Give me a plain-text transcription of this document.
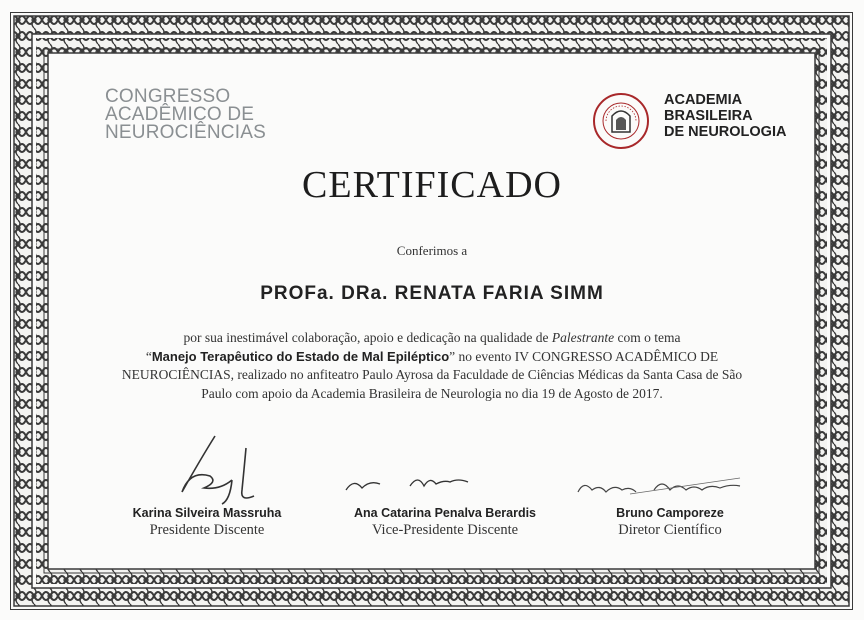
CONGRESSO
ACADÊMICO DE
NEUROCIÊNCIAS
ACADEMIA
BRASILEIRA
DE NEUROLOGIA
CERTIFICADO
Conferimos a
PROFa. DRa. RENATA FARIA SIMM
por sua inestimável colaboração, apoio e dedicação na qualidade de Palestrante com o tema
“Manejo Terapêutico do Estado de Mal Epiléptico” no evento IV CONGRESSO ACADÊMICO DE NEUROCIÊNCIAS, realizado no anfiteatro Paulo Ayrosa da Faculdade de Ciências Médicas da Santa Casa de São Paulo com apoio da Academia Brasileira de Neurologia no dia 19 de Agosto de 2017.
Karina Silveira Massruha
Presidente Discente
Ana Catarina Penalva Berardis
Vice-Presidente Discente
Bruno Camporeze
Diretor Científico
